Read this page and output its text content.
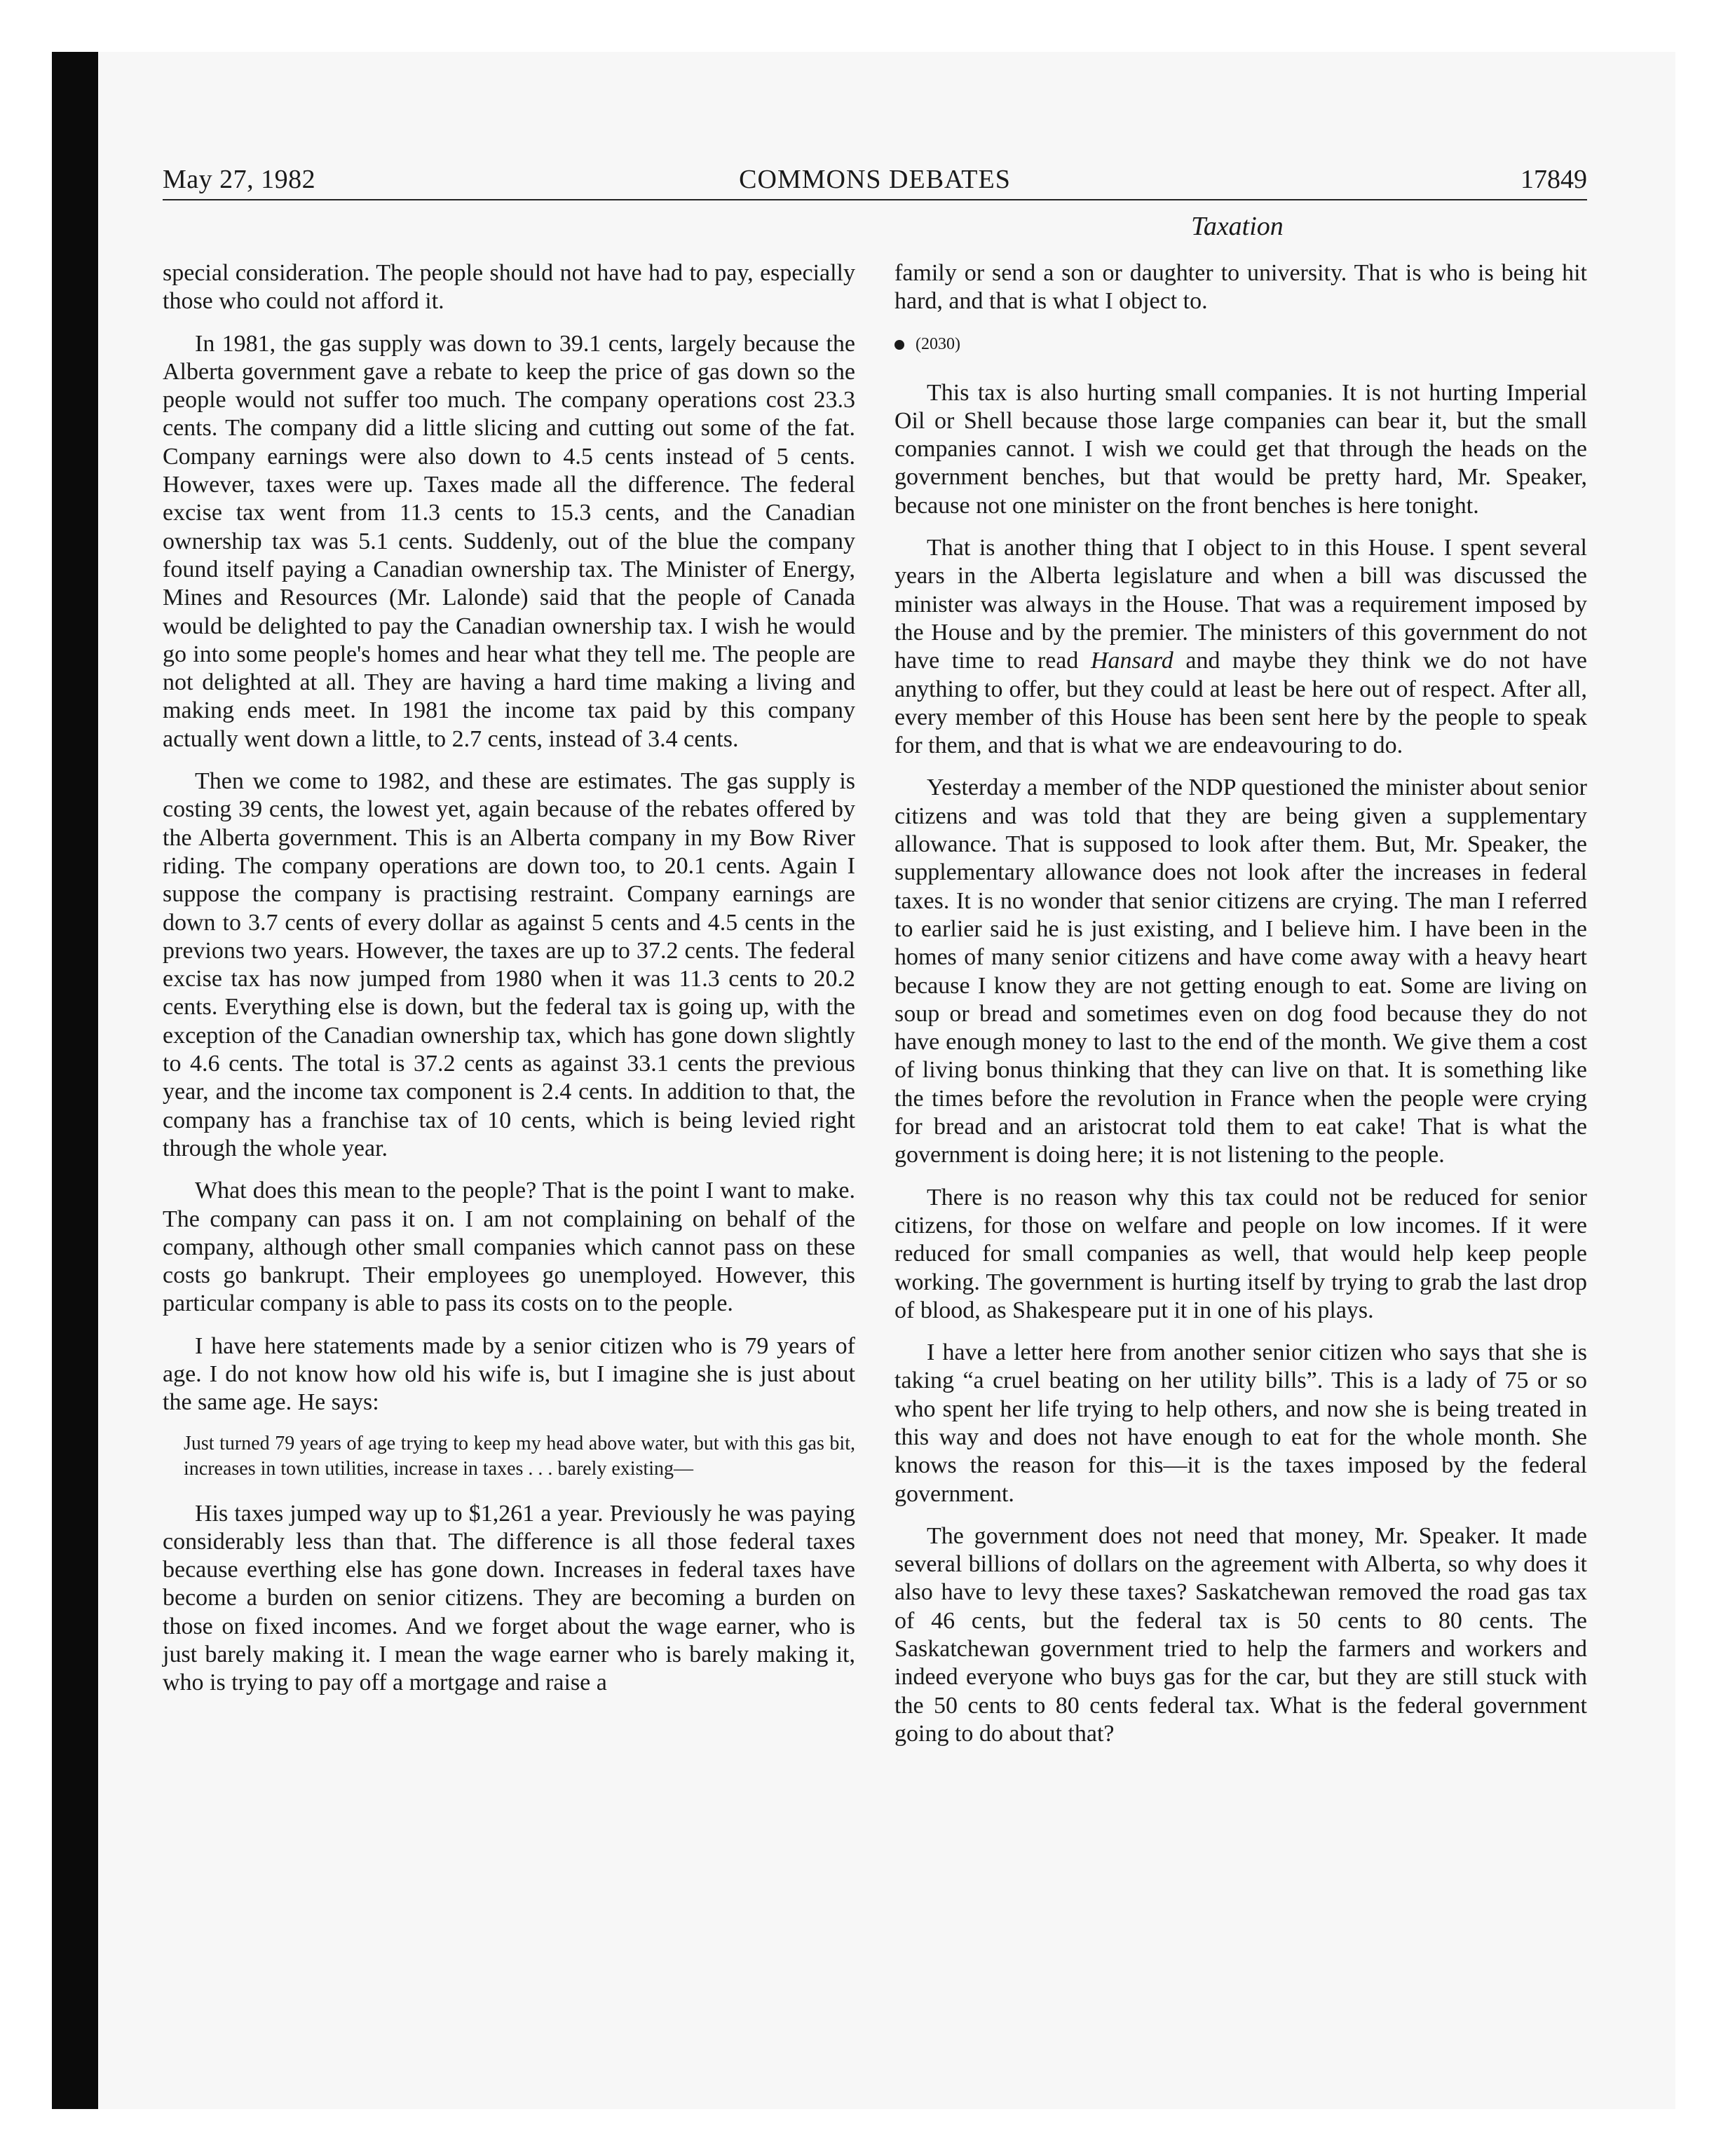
May 27, 1982	COMMONS DEBATES	17849
Taxation

special consideration. The people should not have had to pay, especially those who could not afford it.

In 1981, the gas supply was down to 39.1 cents, largely because the Alberta government gave a rebate to keep the price of gas down so the people would not suffer too much. The company operations cost 23.3 cents. The company did a little slicing and cutting out some of the fat. Company earnings were also down to 4.5 cents instead of 5 cents. However, taxes were up. Taxes made all the difference. The federal excise tax went from 11.3 cents to 15.3 cents, and the Canadian ownership tax was 5.1 cents. Suddenly, out of the blue the company found itself paying a Canadian ownership tax. The Minister of Energy, Mines and Resources (Mr. Lalonde) said that the people of Canada would be delighted to pay the Canadian ownership tax. I wish he would go into some people's homes and hear what they tell me. The people are not delighted at all. They are having a hard time making a living and making ends meet. In 1981 the income tax paid by this company actually went down a little, to 2.7 cents, instead of 3.4 cents.

Then we come to 1982, and these are estimates. The gas supply is costing 39 cents, the lowest yet, again because of the rebates offered by the Alberta government. This is an Alberta company in my Bow River riding. The company operations are down too, to 20.1 cents. Again I suppose the company is practising restraint. Company earnings are down to 3.7 cents of every dollar as against 5 cents and 4.5 cents in the previons two years. However, the taxes are up to 37.2 cents. The federal excise tax has now jumped from 1980 when it was 11.3 cents to 20.2 cents. Everything else is down, but the federal tax is going up, with the exception of the Canadian ownership tax, which has gone down slightly to 4.6 cents. The total is 37.2 cents as against 33.1 cents the previous year, and the income tax component is 2.4 cents. In addition to that, the company has a franchise tax of 10 cents, which is being levied right through the whole year.

What does this mean to the people? That is the point I want to make. The company can pass it on. I am not complaining on behalf of the company, although other small companies which cannot pass on these costs go bankrupt. Their employees go unemployed. However, this particular company is able to pass its costs on to the people.

I have here statements made by a senior citizen who is 79 years of age. I do not know how old his wife is, but I imagine she is just about the same age. He says:

Just turned 79 years of age trying to keep my head above water, but with this gas bit, increases in town utilities, increase in taxes . . . barely existing—

His taxes jumped way up to $1,261 a year. Previously he was paying considerably less than that. The difference is all those federal taxes because everthing else has gone down. Increases in federal taxes have become a burden on senior citizens. They are becoming a burden on those on fixed incomes. And we forget about the wage earner, who is just barely making it. I mean the wage earner who is barely making it, who is trying to pay off a mortgage and raise a

family or send a son or daughter to university. That is who is being hit hard, and that is what I object to.

(2030)

This tax is also hurting small companies. It is not hurting Imperial Oil or Shell because those large companies can bear it, but the small companies cannot. I wish we could get that through the heads on the government benches, but that would be pretty hard, Mr. Speaker, because not one minister on the front benches is here tonight.

That is another thing that I object to in this House. I spent several years in the Alberta legislature and when a bill was discussed the minister was always in the House. That was a requirement imposed by the House and by the premier. The ministers of this government do not have time to read Hansard and maybe they think we do not have anything to offer, but they could at least be here out of respect. After all, every member of this House has been sent here by the people to speak for them, and that is what we are endeavouring to do.

Yesterday a member of the NDP questioned the minister about senior citizens and was told that they are being given a supplementary allowance. That is supposed to look after them. But, Mr. Speaker, the supplementary allowance does not look after the increases in federal taxes. It is no wonder that senior citizens are crying. The man I referred to earlier said he is just existing, and I believe him. I have been in the homes of many senior citizens and have come away with a heavy heart because I know they are not getting enough to eat. Some are living on soup or bread and sometimes even on dog food because they do not have enough money to last to the end of the month. We give them a cost of living bonus thinking that they can live on that. It is something like the times before the revolution in France when the people were crying for bread and an aristocrat told them to eat cake! That is what the government is doing here; it is not listening to the people.

There is no reason why this tax could not be reduced for senior citizens, for those on welfare and people on low incomes. If it were reduced for small companies as well, that would help keep people working. The government is hurting itself by trying to grab the last drop of blood, as Shakespeare put it in one of his plays.

I have a letter here from another senior citizen who says that she is taking “a cruel beating on her utility bills”. This is a lady of 75 or so who spent her life trying to help others, and now she is being treated in this way and does not have enough to eat for the whole month. She knows the reason for this—it is the taxes imposed by the federal government.

The government does not need that money, Mr. Speaker. It made several billions of dollars on the agreement with Alberta, so why does it also have to levy these taxes? Saskatchewan removed the road gas tax of 46 cents, but the federal tax is 50 cents to 80 cents. The Saskatchewan government tried to help the farmers and workers and indeed everyone who buys gas for the car, but they are still stuck with the 50 cents to 80 cents federal tax. What is the federal government going to do about that?
